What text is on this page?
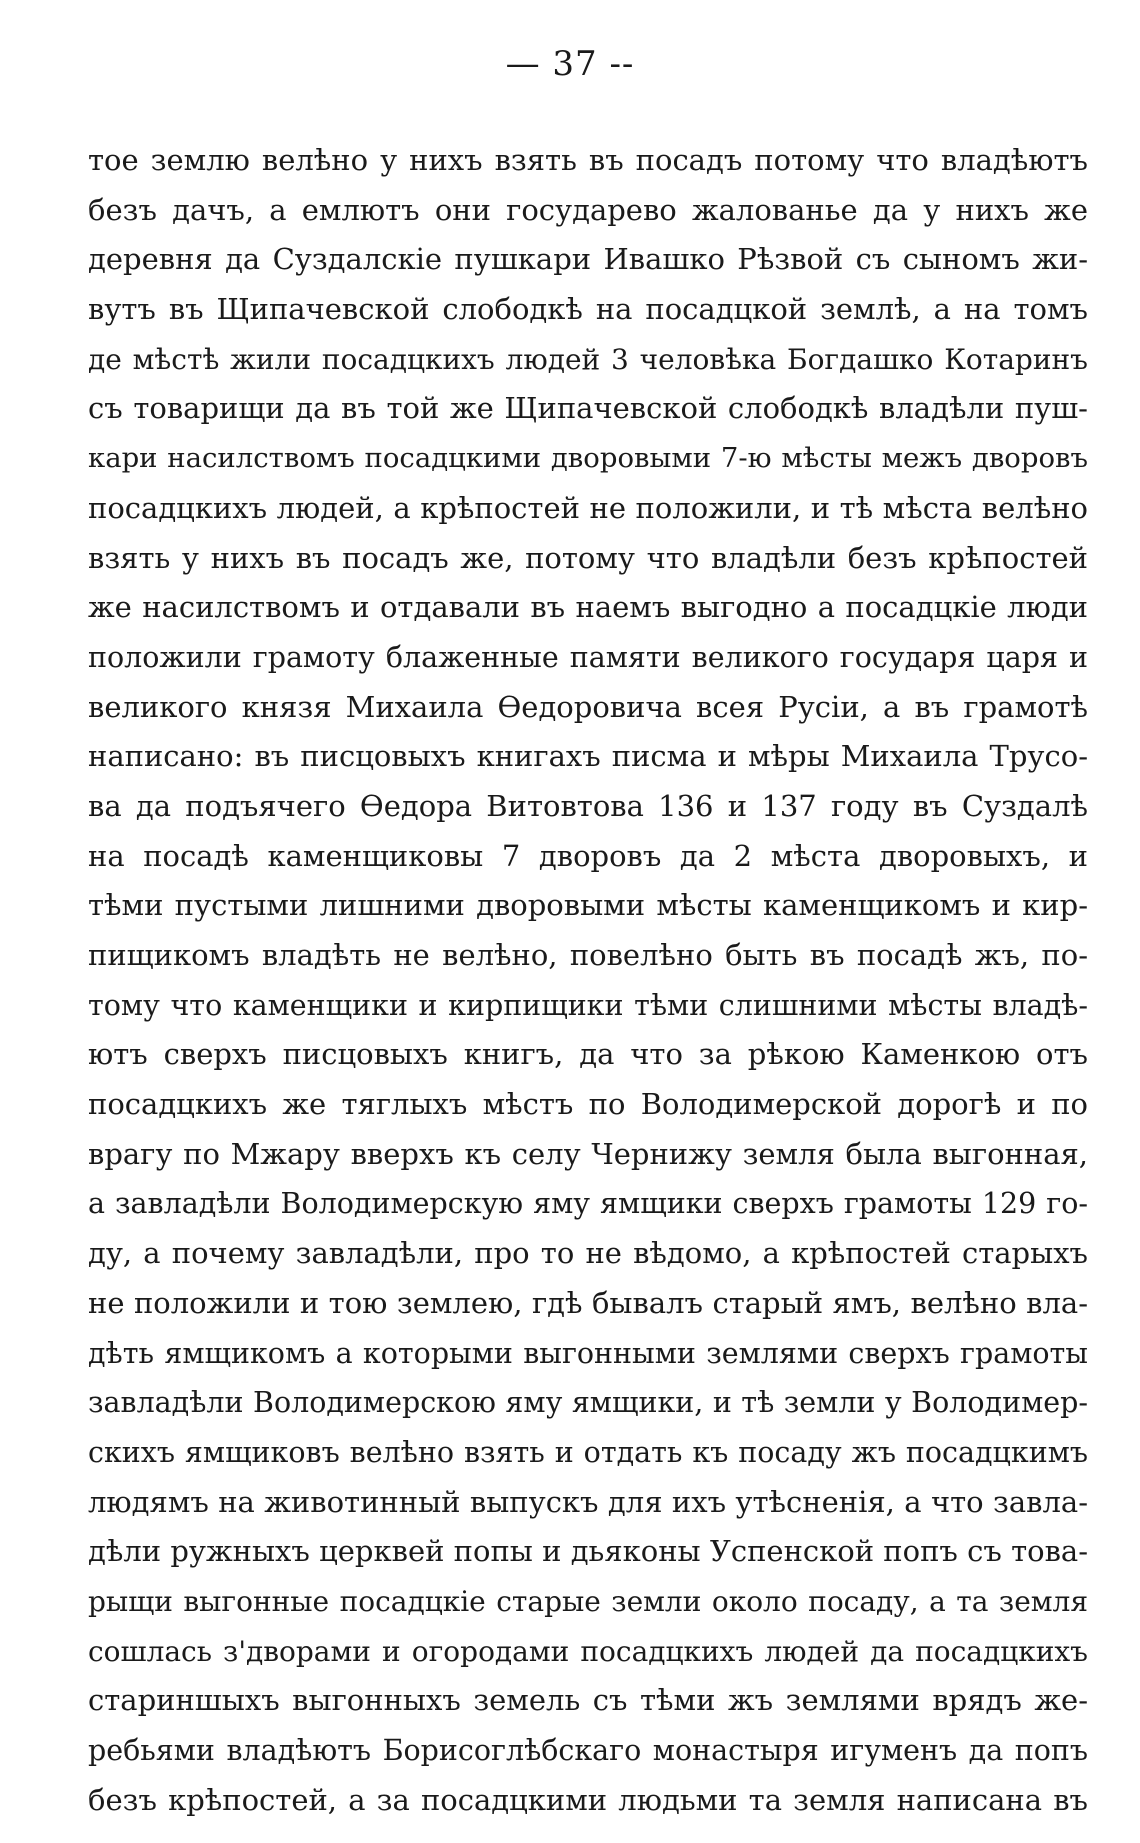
— 37 --
тое землю велѣно у нихъ взять въ посадъ потому что владѣютъ
безъ дачъ, а емлютъ они государево жалованье да у нихъ же
деревня да Суздалскіе пушкари Ивашко Рѣзвой съ сыномъ жи-
вутъ въ Щипачевской слободкѣ на посадцкой землѣ, а на томъ
де мѣстѣ жили посадцкихъ людей 3 человѣка Богдашко Котаринъ
съ товарищи да въ той же Щипачевской слободкѣ владѣли пуш-
кари насилствомъ посадцкими дворовыми 7-ю мѣсты межъ дворовъ
посадцкихъ людей, а крѣпостей не положили, и тѣ мѣста велѣно
взять у нихъ въ посадъ же, потому что владѣли безъ крѣпостей
же насилствомъ и отдавали въ наемъ выгодно а посадцкіе люди
положили грамоту блаженные памяти великого государя царя и
великого князя Михаила Ѳедоровича всея Русіи, а въ грамотѣ
написано: въ писцовыхъ книгахъ писма и мѣры Михаила Трусо-
ва да подъячего Ѳедора Витовтова 136 и 137 году въ Суздалѣ
на посадѣ каменщиковы 7 дворовъ да 2 мѣста дворовыхъ, и
тѣми пустыми лишними дворовыми мѣсты каменщикомъ и кир-
пищикомъ владѣть не велѣно, повелѣно быть въ посадѣ жъ, по-
тому что каменщики и кирпищики тѣми слишними мѣсты владѣ-
ютъ сверхъ писцовыхъ книгъ, да что за рѣкою Каменкою отъ
посадцкихъ же тяглыхъ мѣстъ по Володимерской дорогѣ и по
врагу по Мжару вверхъ къ селу Чернижу земля была выгонная,
а завладѣли Володимерскую яму ямщики сверхъ грамоты 129 го-
ду, а почему завладѣли, про то не вѣдомо, а крѣпостей старыхъ
не положили и тою землею, гдѣ бывалъ старый ямъ, велѣно вла-
дѣть ямщикомъ а которыми выгонными землями сверхъ грамоты
завладѣли Володимерскою яму ямщики, и тѣ земли у Володимер-
скихъ ямщиковъ велѣно взять и отдать къ посаду жъ посадцкимъ
людямъ на животинный выпускъ для ихъ утѣсненія, а что завла-
дѣли ружныхъ церквей попы и дьяконы Успенской попъ съ това-
рыщи выгонные посадцкіе старые земли около посаду, а та земля
сошлась з'дворами и огородами посадцкихъ людей да посадцкихъ
стариншыхъ выгонныхъ земель съ тѣми жъ землями врядъ же-
ребьями владѣютъ Борисоглѣбскаго монастыря игуменъ да попъ
безъ крѣпостей, а за посадцкими людьми та земля написана въ
